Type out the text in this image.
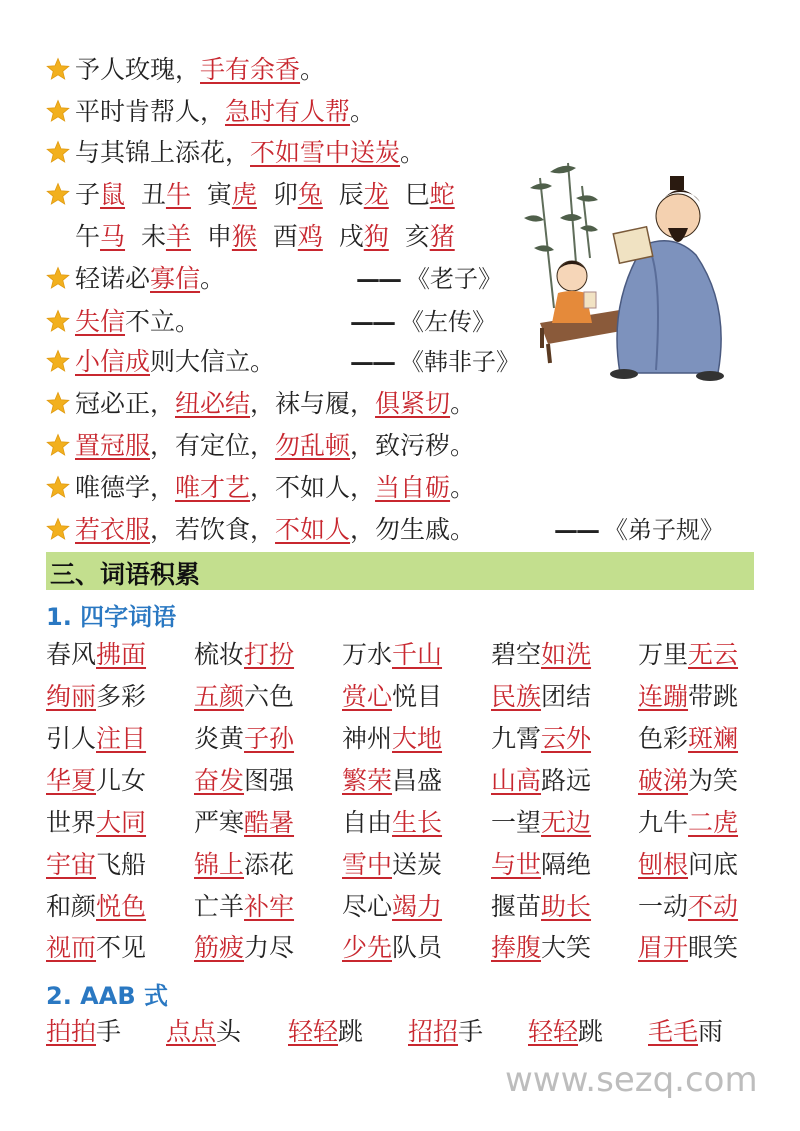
予人玫瑰，手有余香。
平时肯帮人，急时有人帮。
与其锦上添花，不如雪中送炭。
子鼠 丑牛 寅虎 卯兔 辰龙 巳蛇
午马 未羊 申猴 酉鸡 戌狗 亥猪
轻诺必寡信。	—— 《老子》
失信不立。	—— 《左传》
小信成则大信立。	—— 《韩非子》
冠必正，纽必结，袜与履，俱紧切。
置冠服，有定位，勿乱顿，致污秽。
唯德学，唯才艺，不如人，当自砺。
若衣服，若饮食，不如人，勿生戚。	—— 《弟子规》
三、词语积累
1. 四字词语
春风拂面 梳妆打扮 万水千山 碧空如洗 万里无云
绚丽多彩 五颜六色 赏心悦目 民族团结 连蹦带跳
引人注目 炎黄子孙 神州大地 九霄云外 色彩斑斓
华夏儿女 奋发图强 繁荣昌盛 山高路远 破涕为笑
世界大同 严寒酷暑 自由生长 一望无边 九牛二虎
宇宙飞船 锦上添花 雪中送炭 与世隔绝 刨根问底
和颜悦色 亡羊补牢 尽心竭力 揠苗助长 一动不动
视而不见 筋疲力尽 少先队员 捧腹大笑 眉开眼笑
2. AAB 式
拍拍手 点点头 轻轻跳 招招手 轻轻跳 毛毛雨
www.sezq.com
